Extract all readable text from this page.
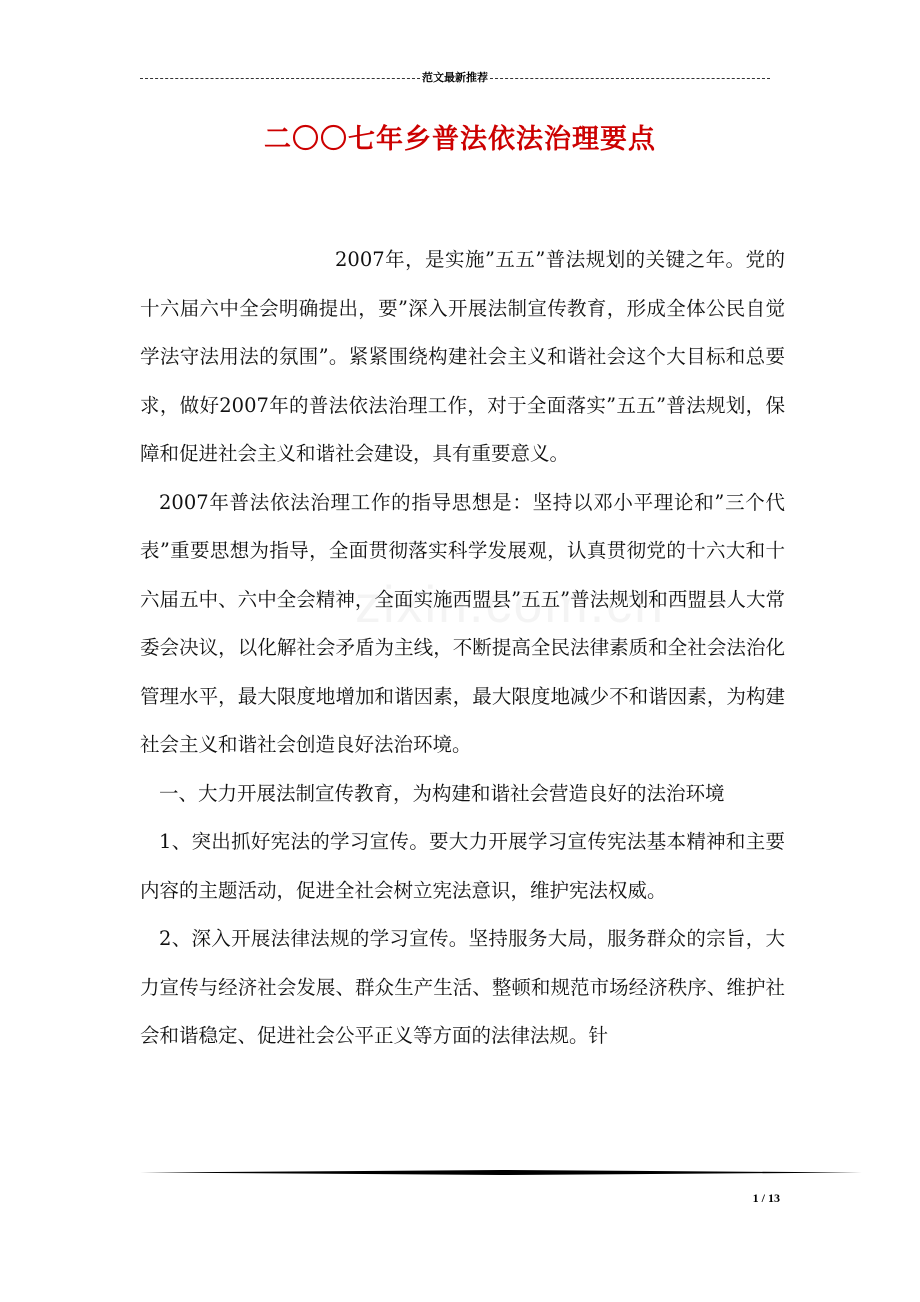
范文最新推荐
二〇〇七年乡普法依法治理要点

2007年，是实施”五五”普法规划的关键之年。党的十六届六中全会明确提出，要”深入开展法制宣传教育，形成全体公民自觉学法守法用法的氛围”。紧紧围绕构建社会主义和谐社会这个大目标和总要求，做好2007年的普法依法治理工作，对于全面落实”五五”普法规划，保障和促进社会主义和谐社会建设，具有重要意义。

2007年普法依法治理工作的指导思想是：坚持以邓小平理论和”三个代表”重要思想为指导，全面贯彻落实科学发展观，认真贯彻党的十六大和十六届五中、六中全会精神，全面实施西盟县”五五”普法规划和西盟县人大常委会决议，以化解社会矛盾为主线，不断提高全民法律素质和全社会法治化管理水平，最大限度地增加和谐因素，最大限度地减少不和谐因素，为构建社会主义和谐社会创造良好法治环境。

一、大力开展法制宣传教育，为构建和谐社会营造良好的法治环境

1、突出抓好宪法的学习宣传。要大力开展学习宣传宪法基本精神和主要内容的主题活动，促进全社会树立宪法意识，维护宪法权威。

2、深入开展法律法规的学习宣传。坚持服务大局，服务群众的宗旨，大力宣传与经济社会发展、群众生产生活、整顿和规范市场经济秩序、维护社会和谐稳定、促进社会公平正义等方面的法律法规。针

1 / 13
